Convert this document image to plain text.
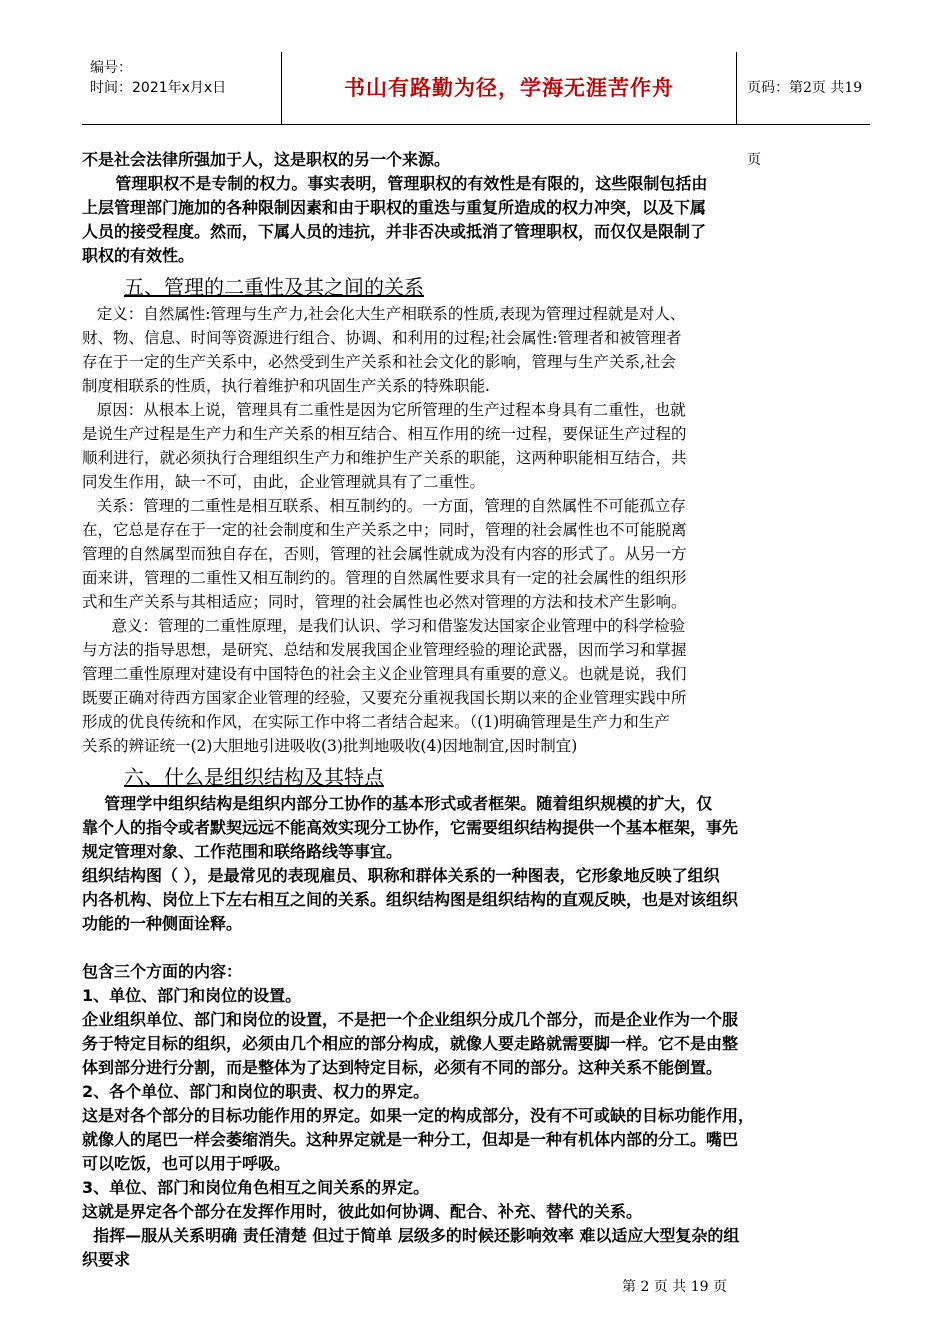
编号：
时间：2021年x月x日	书山有路勤为径，学海无涯苦作舟	页码：第2页 共19页
不是社会法律所强加于人，这是职权的另一个来源。
管理职权不是专制的权力。事实表明，管理职权的有效性是有限的，这些限制包括由
上层管理部门施加的各种限制因素和由于职权的重迭与重复所造成的权力冲突，以及下属
人员的接受程度。然而，下属人员的违抗，并非否决或抵消了管理职权，而仅仅是限制了
职权的有效性。
五、管理的二重性及其之间的关系
定义：自然属性:管理与生产力,社会化大生产相联系的性质,表现为管理过程就是对人、
财、物、信息、时间等资源进行组合、协调、和利用的过程;社会属性:管理者和被管理者
存在于一定的生产关系中，必然受到生产关系和社会文化的影响，管理与生产关系,社会
制度相联系的性质，执行着维护和巩固生产关系的特殊职能.
原因：从根本上说，管理具有二重性是因为它所管理的生产过程本身具有二重性，也就
是说生产过程是生产力和生产关系的相互结合、相互作用的统一过程，要保证生产过程的
顺利进行，就必须执行合理组织生产力和维护生产关系的职能，这两种职能相互结合，共
同发生作用，缺一不可，由此，企业管理就具有了二重性。
关系：管理的二重性是相互联系、相互制约的。一方面，管理的自然属性不可能孤立存
在，它总是存在于一定的社会制度和生产关系之中；同时，管理的社会属性也不可能脱离
管理的自然属型而独自存在，否则，管理的社会属性就成为没有内容的形式了。从另一方
面来讲，管理的二重性又相互制约的。管理的自然属性要求具有一定的社会属性的组织形
式和生产关系与其相适应；同时，管理的社会属性也必然对管理的方法和技术产生影响。
意义：管理的二重性原理，是我们认识、学习和借鉴发达国家企业管理中的科学检验
与方法的指导思想，是研究、总结和发展我国企业管理经验的理论武器，因而学习和掌握
管理二重性原理对建设有中国特色的社会主义企业管理具有重要的意义。也就是说，我们
既要正确对待西方国家企业管理的经验，又要充分重视我国长期以来的企业管理实践中所
形成的优良传统和作风，在实际工作中将二者结合起来。（(1)明确管理是生产力和生产
关系的辨证统一(2)大胆地引进吸收(3)批判地吸收(4)因地制宜,因时制宜)
六、什么是组织结构及其特点
管理学中组织结构是组织内部分工协作的基本形式或者框架。随着组织规模的扩大，仅
靠个人的指令或者默契远远不能高效实现分工协作，它需要组织结构提供一个基本框架，事先
规定管理对象、工作范围和联络路线等事宜。
组织结构图（ ），是最常见的表现雇员、职称和群体关系的一种图表，它形象地反映了组织
内各机构、岗位上下左右相互之间的关系。组织结构图是组织结构的直观反映，也是对该组织
功能的一种侧面诠释。
包含三个方面的内容：
1、单位、部门和岗位的设置。
企业组织单位、部门和岗位的设置，不是把一个企业组织分成几个部分，而是企业作为一个服
务于特定目标的组织，必须由几个相应的部分构成，就像人要走路就需要脚一样。它不是由整
体到部分进行分割，而是整体为了达到特定目标，必须有不同的部分。这种关系不能倒置。
2、各个单位、部门和岗位的职责、权力的界定。
这是对各个部分的目标功能作用的界定。如果一定的构成部分，没有不可或缺的目标功能作用，
就像人的尾巴一样会萎缩消失。这种界定就是一种分工，但却是一种有机体内部的分工。嘴巴
可以吃饭，也可以用于呼吸。
3、单位、部门和岗位角色相互之间关系的界定。
这就是界定各个部分在发挥作用时，彼此如何协调、配合、补充、替代的关系。
指挥—服从关系明确 责任清楚 但过于简单 层级多的时候还影响效率 难以适应大型复杂的组
织要求
第 2 页 共 19 页
